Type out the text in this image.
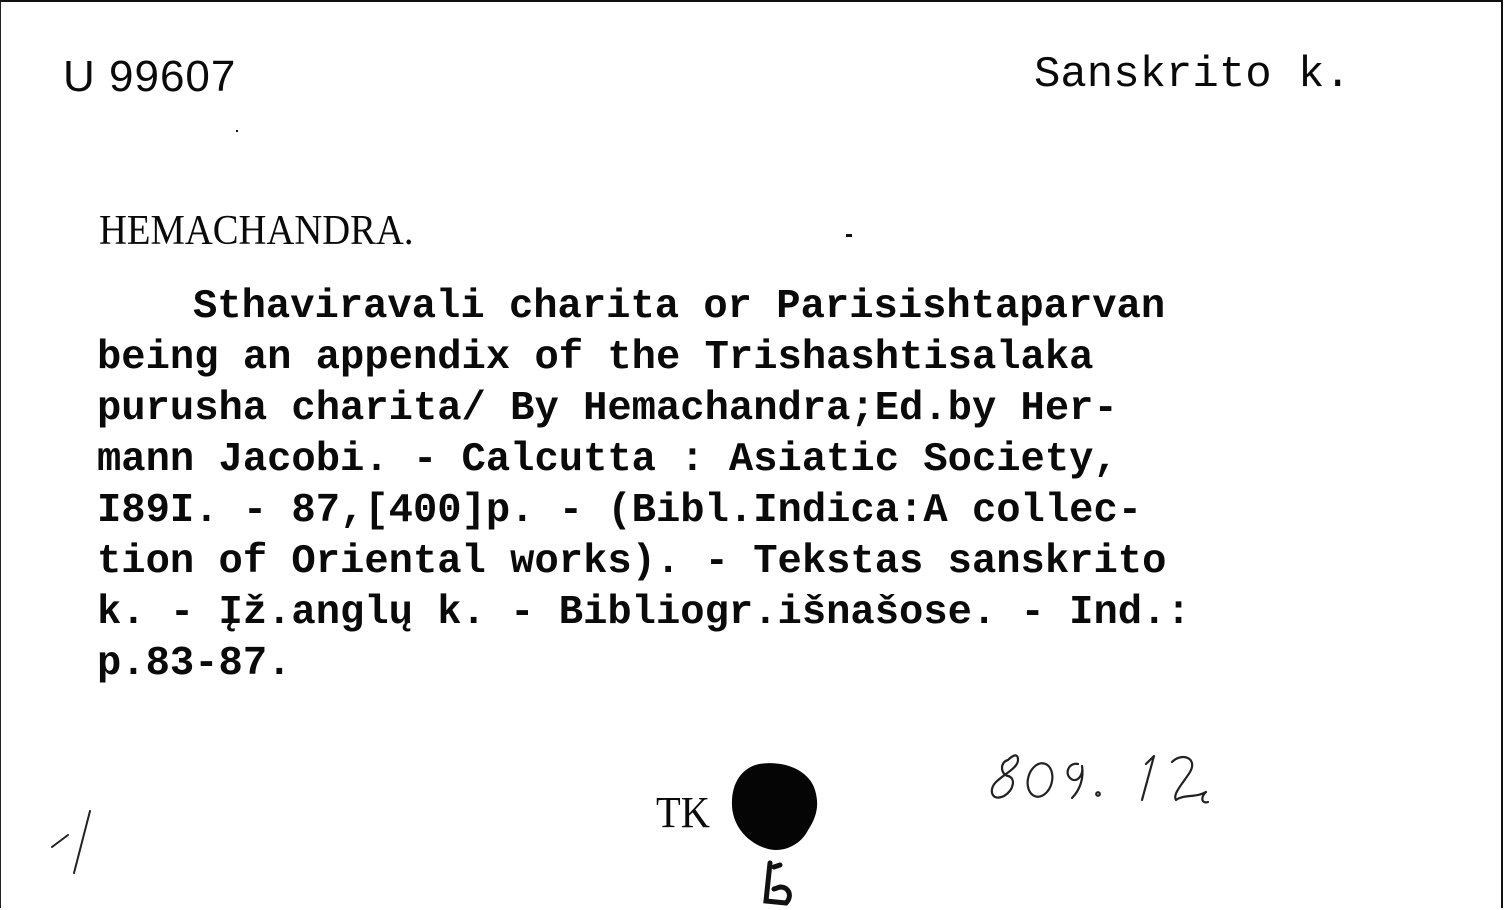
U 99607	Sanskrito k.
HEMACHANDRA.
Sthaviravali charita or Parisishtaparvan
being an appendix of the Trishashtisalaka
purusha charita/ By Hemachandra;Ed.by Her-
mann Jacobi. - Calcutta : Asiatic Society,
I89I. - 87,[400]p. - (Bibl.Indica:A collec-
tion of Oriental works). - Tekstas sanskrito
k. - Įž.anglų k. - Bibliogr.išnašose. - Ind.:
p.83-87.
TK
